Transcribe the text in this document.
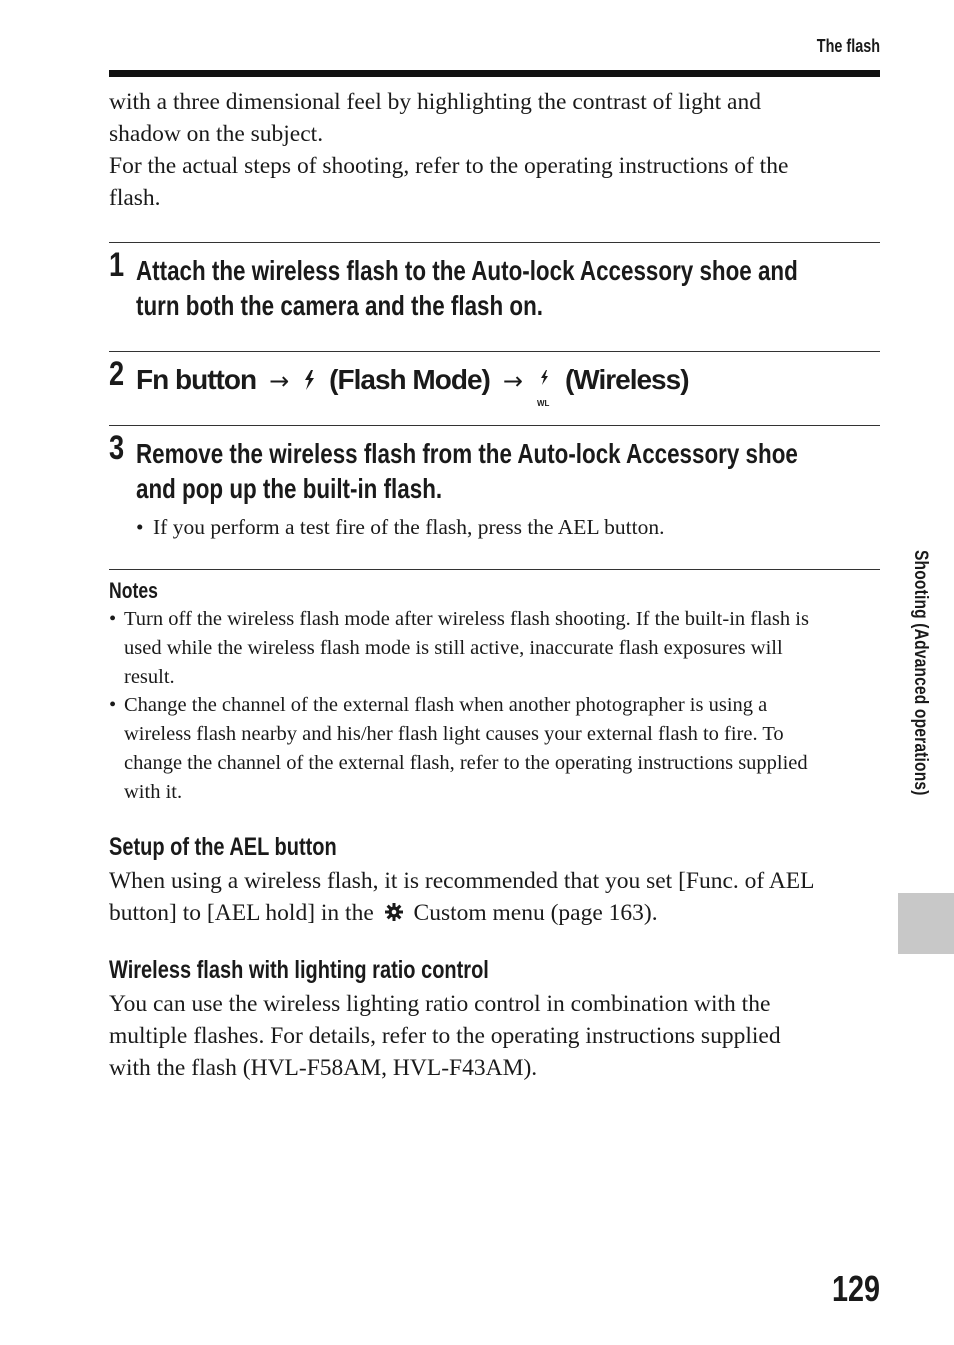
The flash
with a three dimensional feel by highlighting the contrast of light and
shadow on the subject.
For the actual steps of shooting, refer to the operating instructions of the
flash.
1 Attach the wireless flash to the Auto-lock Accessory shoe and
turn both the camera and the flash on.
2 Fn button → (Flash Mode) →
WL
(Wireless)
3 Remove the wireless flash from the Auto-lock Accessory shoe
and pop up the built-in flash.
• If you perform a test fire of the flash, press the AEL button.
Notes
• Turn off the wireless flash mode after wireless flash shooting. If the built-in flash is
used while the wireless flash mode is still active, inaccurate flash exposures will
result.
• Change the channel of the external flash when another photographer is using a
wireless flash nearby and his/her flash light causes your external flash to fire. To
change the channel of the external flash, refer to the operating instructions supplied
with it.
Setup of the AEL button
When using a wireless flash, it is recommended that you set [Func. of AEL
button] to [AEL hold] in the Custom menu (page 163).
Wireless flash with lighting ratio control
You can use the wireless lighting ratio control in combination with the
multiple flashes. For details, refer to the operating instructions supplied
with the flash (HVL-F58AM, HVL-F43AM).
Shooting (Advanced operations)
129
